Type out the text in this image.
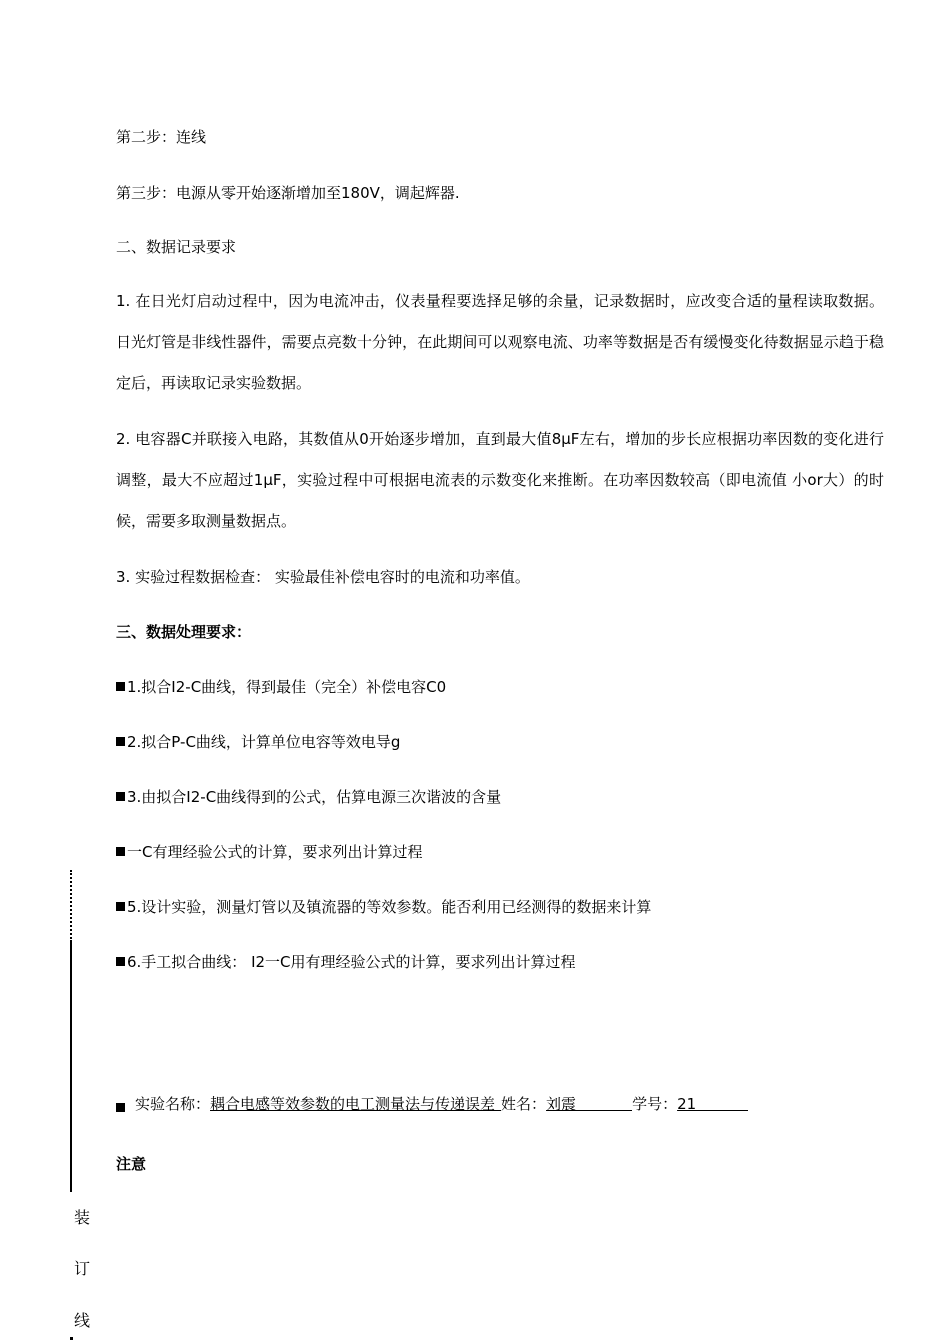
第二步：连线
第三步：电源从零开始逐渐增加至180V，调起辉器.
二、数据记录要求
1. 在日光灯启动过程中，因为电流冲击，仪表量程要选择足够的余量，记录数据时，应改变合适的量程读取数据。日光灯管是非线性器件，需要点亮数十分钟，在此期间可以观察电流、功率等数据是否有缓慢变化待数据显示趋于稳定后，再读取记录实验数据。
2. 电容器C并联接入电路，其数值从0开始逐步增加，直到最大值8μF左右，增加的步长应根据功率因数的变化进行调整，最大不应超过1μF，实验过程中可根据电流表的示数变化来推断。在功率因数较高（即电流值 小or大）的时候，需要多取测量数据点。
3. 实验过程数据检查： 实验最佳补偿电容时的电流和功率值。
三、数据处理要求：
1.拟合I2-C曲线，得到最佳（完全）补偿电容C0
2.拟合P-C曲线，计算单位电容等效电导g
3.由拟合I2-C曲线得到的公式，估算电源三次谐波的含量
一C有理经验公式的计算，要求列出计算过程
5.设计实验，测量灯管以及镇流器的等效参数。能否利用已经测得的数据来计算
6.手工拟合曲线： I2一C用有理经验公式的计算，要求列出计算过程
实验名称：耦合电感等效参数的电工测量法与传递误差 姓名：刘震	学号：21
注意
装
订
线
